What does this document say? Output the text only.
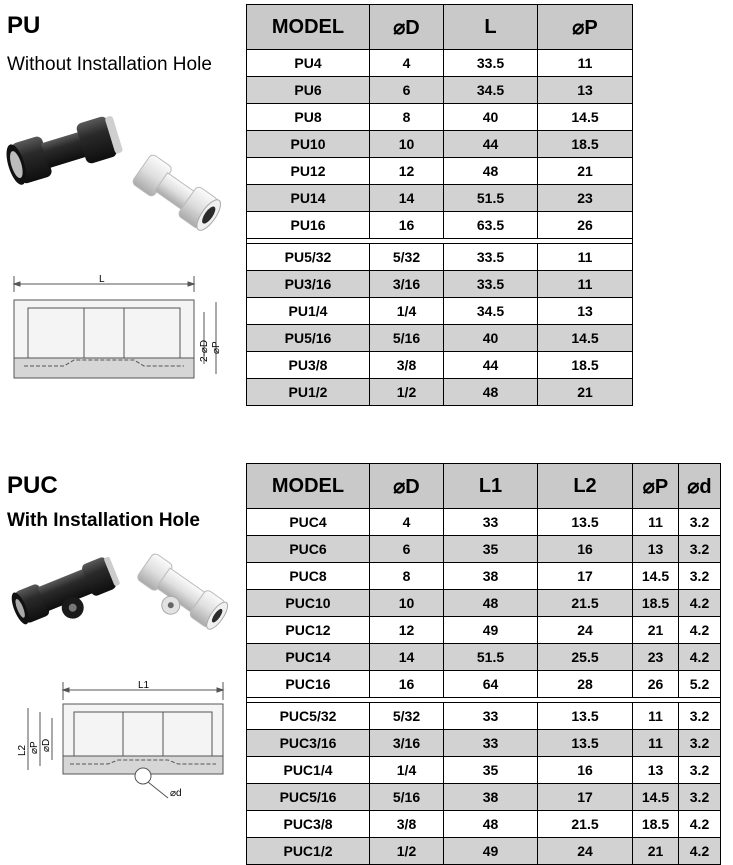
PU
Without Installation Hole
L
2-⌀D ⌀P
MODEL	⌀D	L	⌀P
PU4	4	33.5	11
PU6	6	34.5	13
PU8	8	40	14.5
PU10	10	44	18.5
PU12	12	48	21
PU14	14	51.5	23
PU16	16	63.5	26

PU5/32	5/32	33.5	11
PU3/16	3/16	33.5	11
PU1/4	1/4	34.5	13
PU5/16	5/16	40	14.5
PU3/8	3/8	44	18.5
PU1/2	1/2	48	21
PUC
With Installation Hole
L1
L2 ⌀P ⌀D
⌀d
MODEL	⌀D	L1	L2	⌀P	⌀d
PUC4	4	33	13.5	11	3.2
PUC6	6	35	16	13	3.2
PUC8	8	38	17	14.5	3.2
PUC10	10	48	21.5	18.5	4.2
PUC12	12	49	24	21	4.2
PUC14	14	51.5	25.5	23	4.2
PUC16	16	64	28	26	5.2

PUC5/32	5/32	33	13.5	11	3.2
PUC3/16	3/16	33	13.5	11	3.2
PUC1/4	1/4	35	16	13	3.2
PUC5/16	5/16	38	17	14.5	3.2
PUC3/8	3/8	48	21.5	18.5	4.2
PUC1/2	1/2	49	24	21	4.2
